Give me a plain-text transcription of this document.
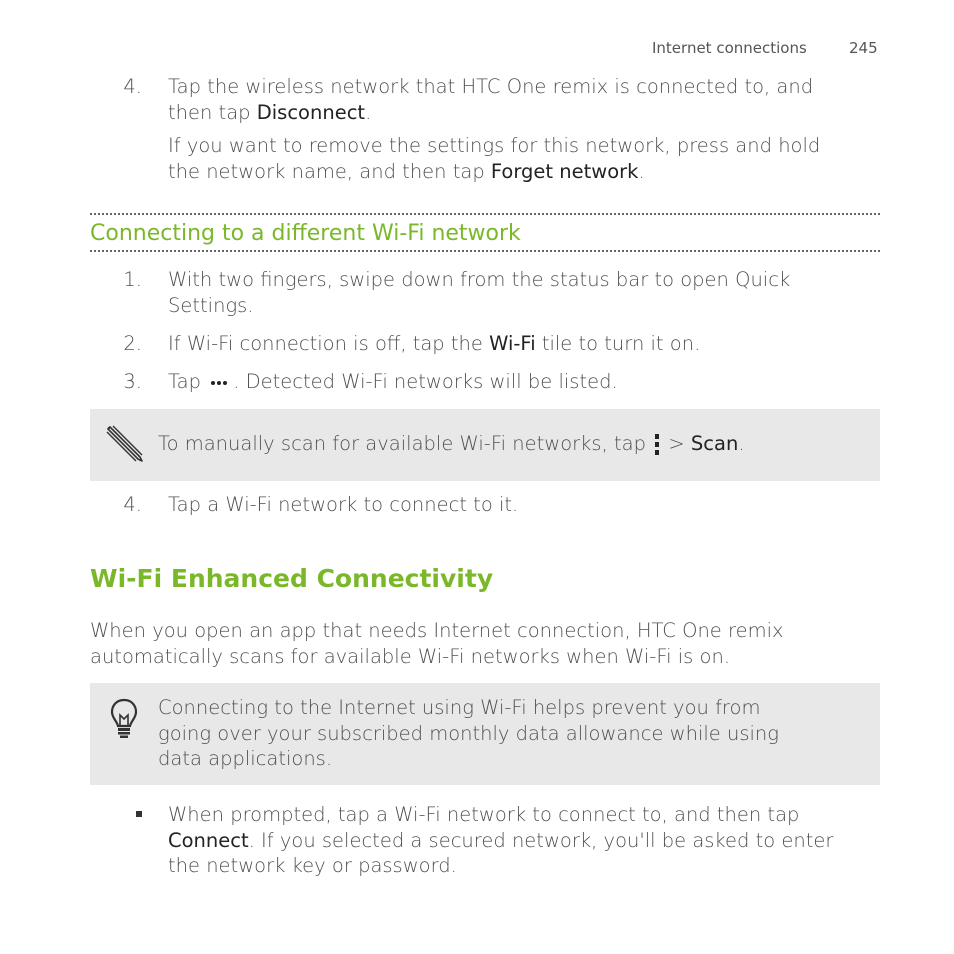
Internet connections	245
4. Tap the wireless network that HTC One remix is connected to, and
then tap Disconnect.
If you want to remove the settings for this network, press and hold
the network name, and then tap Forget network.
Connecting to a different Wi-Fi network
1. With two fingers, swipe down from the status bar to open Quick
Settings.
2. If Wi-Fi connection is off, tap the Wi-Fi tile to turn it on.
3. Tap . Detected Wi-Fi networks will be listed.
To manually scan for available Wi-Fi networks, tap  > Scan.
4. Tap a Wi-Fi network to connect to it.
Wi-Fi Enhanced Connectivity
When you open an app that needs Internet connection, HTC One remix
automatically scans for available Wi-Fi networks when Wi-Fi is on.
Connecting to the Internet using Wi-Fi helps prevent you from
going over your subscribed monthly data allowance while using
data applications.
When prompted, tap a Wi-Fi network to connect to, and then tap
Connect. If you selected a secured network, you'll be asked to enter
the network key or password.
